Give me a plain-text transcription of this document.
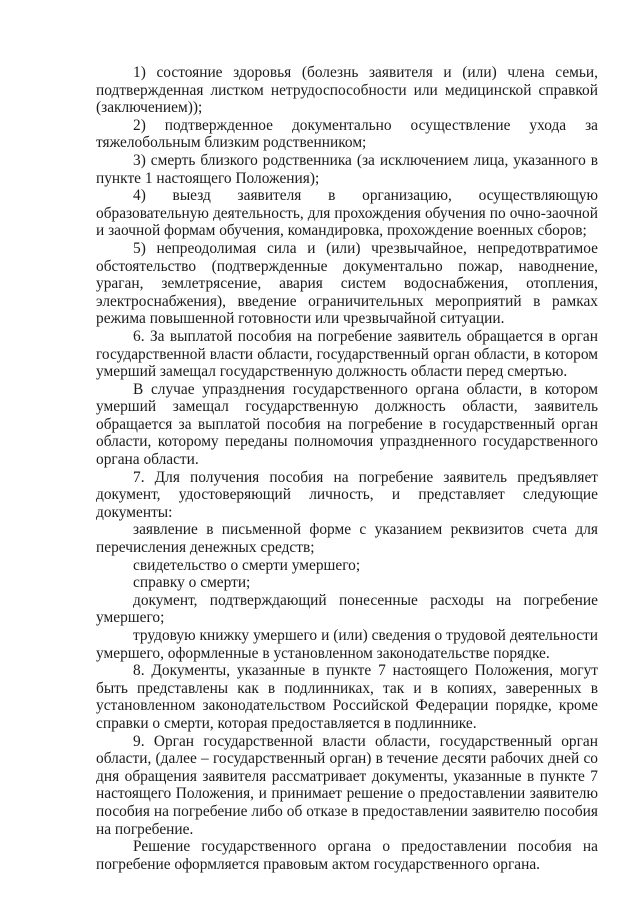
1) состояние здоровья (болезнь заявителя и (или) члена семьи, подтвержденная листком нетрудоспособности или медицинской справкой (заключением));

2) подтвержденное документально осуществление ухода за тяжелобольным близким родственником;

3) смерть близкого родственника (за исключением лица, указанного в пункте 1 настоящего Положения);

4) выезд заявителя в организацию, осуществляющую образовательную деятельность, для прохождения обучения по очно-заочной и заочной формам обучения, командировка, прохождение военных сборов;

5) непреодолимая сила и (или) чрезвычайное, непредотвратимое обстоятельство (подтвержденные документально пожар, наводнение, ураган, землетрясение, авария систем водоснабжения, отопления, электроснабжения), введение ограничительных мероприятий в рамках режима повышенной готовности или чрезвычайной ситуации.

6. За выплатой пособия на погребение заявитель обращается в орган государственной власти области, государственный орган области, в котором умерший замещал государственную должность области перед смертью.

В случае упразднения государственного органа области, в котором умерший замещал государственную должность области, заявитель обращается за выплатой пособия на погребение в государственный орган области, которому переданы полномочия упраздненного государственного органа области.

7. Для получения пособия на погребение заявитель предъявляет документ, удостоверяющий личность, и представляет следующие документы:

заявление в письменной форме с указанием реквизитов счета для перечисления денежных средств;

свидетельство о смерти умершего;

справку о смерти;

документ, подтверждающий понесенные расходы на погребение умершего;

трудовую книжку умершего и (или) сведения о трудовой деятельности умершего, оформленные в установленном законодательстве порядке.

8. Документы, указанные в пункте 7 настоящего Положения, могут быть представлены как в подлинниках, так и в копиях, заверенных в установленном законодательством Российской Федерации порядке, кроме справки о смерти, которая предоставляется в подлиннике.

9. Орган государственной власти области, государственный орган области, (далее – государственный орган) в течение десяти рабочих дней со дня обращения заявителя рассматривает документы, указанные в пункте 7 настоящего Положения, и принимает решение о предоставлении заявителю пособия на погребение либо об отказе в предоставлении заявителю пособия на погребение.

Решение государственного органа о предоставлении пособия на погребение оформляется правовым актом государственного органа.
